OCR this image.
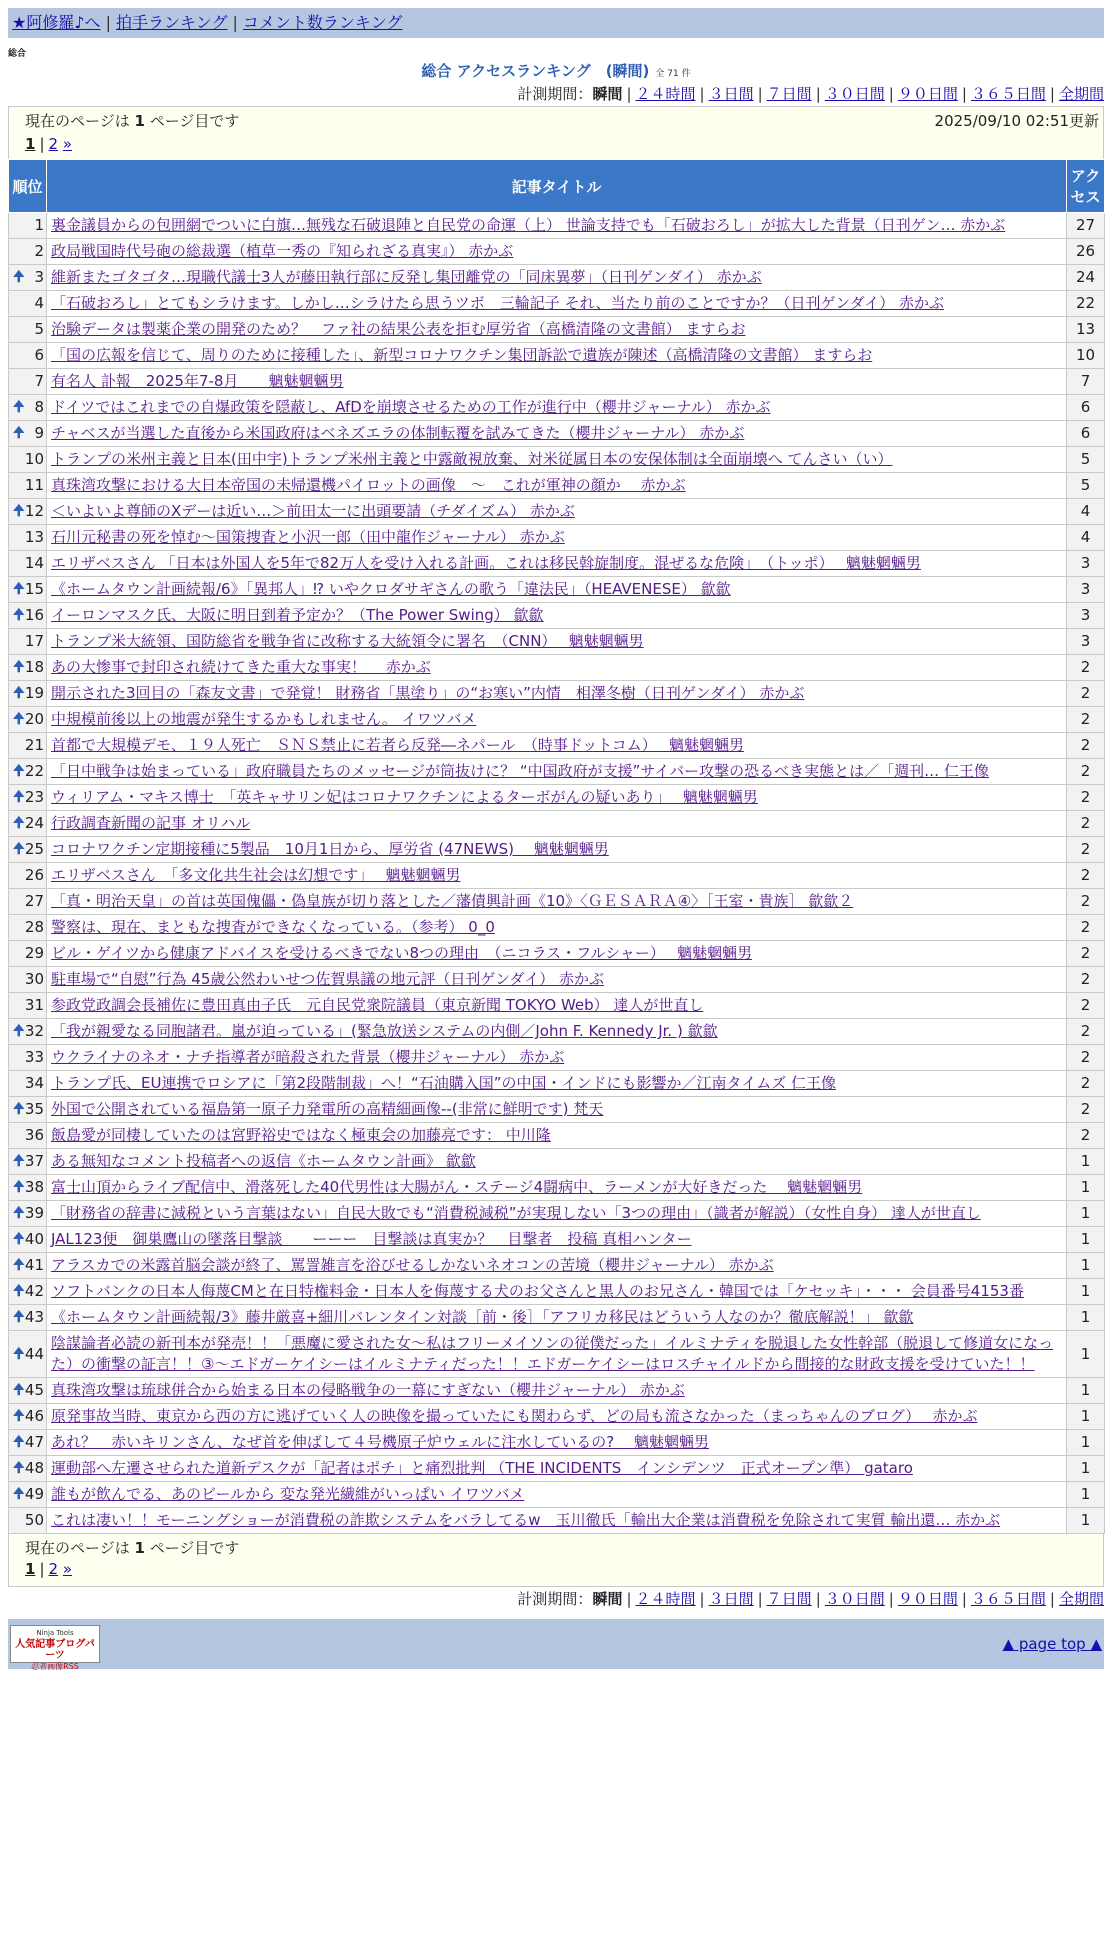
★阿修羅♪へ | 拍手ランキング | コメント数ランキング
総合
総合 アクセスランキング　(瞬間) 全 71 件
計測期間：瞬間 | ２４時間 | ３日間 | ７日間 | ３０日間 | ９０日間 | ３６５日間 | 全期間
現在のページは 1 ページ目です	2025/09/10 02:51更新
1 | 2 »
順位	記事タイトル	アクセス
1	裏金議員からの包囲網でついに白旗…無残な石破退陣と自民党の命運（上） 世論支持でも「石破おろし」が拡大した背景（日刊ゲン… 赤かぶ	27
2	政局戦国時代号砲の総裁選（植草一秀の『知られざる真実』） 赤かぶ	26

🠉 3	維新またゴタゴタ…現職代議士3人が藤田執行部に反発し集団離党の「同床異夢」（日刊ゲンダイ） 赤かぶ	24
4	「石破おろし」とてもシラけます。しかし…シラけたら思うツボ　三輪記子 それ、当たり前のことですか？（日刊ゲンダイ） 赤かぶ	22
5	治験データは製薬企業の開発のため？　ファ社の結果公表を拒む厚労省（高橋清隆の文書館） ますらお	13
6	「国の広報を信じて、周りのために接種した」、新型コロナワクチン集団訴訟で遺族が陳述（高橋清隆の文書館） ますらお	10
7	有名人 訃報　2025年7-8月　　魑魅魍魎男	7

🠉 8	ドイツではこれまでの自爆政策を隠蔽し、AfDを崩壊させるための工作が進行中（櫻井ジャーナル） 赤かぶ	6

🠉 9	チャベスが当選した直後から米国政府はベネズエラの体制転覆を試みてきた（櫻井ジャーナル） 赤かぶ	6
10	トランプの米州主義と日本(田中宇)トランプ米州主義と中露敵視放棄、対米従属日本の安保体制は全面崩壊へ てんさい（い）	5
11	真珠湾攻撃における大日本帝国の未帰還機パイロットの画像　～　これが軍神の顔か　 赤かぶ	5

🠉 12	＜いよいよ尊師のXデーは近い…＞前田太一に出頭要請（チダイズム） 赤かぶ	4
13	石川元秘書の死を悼む～国策捜査と小沢一郎（田中龍作ジャーナル） 赤かぶ	4
14	エリザベスさん 「日本は外国人を5年で82万人を受け入れる計画。これは移民斡旋制度。混ぜるな危険」　（トッポ）　 魑魅魍魎男	3

🠉 15	《ホームタウン計画続報/6》「異邦人」⁉ いやクロダサギさんの歌う「違法民」（HEAVENESE） 歙歙	3

🠉 16	イーロンマスク氏、大阪に明日到着予定か？（The Power Swing） 歙歙	3
17	トランプ米大統領、国防総省を戦争省に改称する大統領令に署名　（CNN）　 魑魅魍魎男	3

🠉 18	あの大惨事で封印され続けてきた重大な事実！　 赤かぶ	2

🠉 19	開示された3回目の「森友文書」で発覚！ 財務省「黒塗り」の“お寒い”内情　相澤冬樹（日刊ゲンダイ） 赤かぶ	2

🠉 20	中規模前後以上の地震が発生するかもしれません。 イワツバメ	2
21	首都で大規模デモ、１９人死亡　ＳＮＳ禁止に若者ら反発―ネパール　（時事ドットコム）　 魑魅魍魎男	2

🠉 22	「日中戦争は始まっている」政府職員たちのメッセージが筒抜けに？ “中国政府が支援”サイバー攻撃の恐るべき実態とは／「週刊… 仁王像	2

🠉 23	ウィリアム・マキス博士　「英キャサリン妃はコロナワクチンによるターボがんの疑いあり」　 魑魅魍魎男	2

🠉 24	行政調査新聞の記事 オリハル	2

🠉 25	コロナワクチン定期接種に5製品　10月1日から、厚労省 (47NEWS)　 魑魅魍魎男	2
26	エリザベスさん　「多文化共生社会は幻想です」　 魑魅魍魎男	2
27	「真・明治天皇」の首は英国傀儡・偽皇族が切り落とした／藩債興計画《10》〈ＧＥＳＡＲＡ④〉［王室・貴族］ 歙歙２	2
28	警察は、現在、まともな捜査ができなくなっている。（参考） 0_0	2
29	ビル・ゲイツから健康アドバイスを受けるべきでない8つの理由　（ニコラス・フルシャー）　 魑魅魍魎男	2
30	駐車場で“自慰”行為 45歳公然わいせつ佐賀県議の地元評（日刊ゲンダイ） 赤かぶ	2
31	参政党政調会長補佐に豊田真由子氏　元自民党衆院議員（東京新聞 TOKYO Web） 達人が世直し	2

🠉 32	「我が親愛なる同胞諸君。嵐が迫っている」(緊急放送システムの内側／John F. Kennedy Jr. ) 歙歙	2
33	ウクライナのネオ・ナチ指導者が暗殺された背景（櫻井ジャーナル） 赤かぶ	2
34	トランプ氏、EU連携でロシアに「第2段階制裁」へ！“石油購入国”の中国・インドにも影響か／江南タイムズ 仁王像	2

🠉 35	外国で公開されている福島第一原子力発電所の高精細画像--(非常に鮮明です) 梵天	2
36	飯島愛が同棲していたのは宮野裕史ではなく極東会の加藤亮です： 中川隆	2

🠉 37	ある無知なコメント投稿者への返信《ホームタウン計画》 歙歙	1

🠉 38	富士山頂からライブ配信中、滑落死した40代男性は大腸がん・ステージ4闘病中、ラーメンが大好きだった　 魑魅魍魎男	1

🠉 39	「財務省の辞書に減税という言葉はない」自民大敗でも“消費税減税”が実現しない「3つの理由」（識者が解説）（女性自身） 達人が世直し	1

🠉 40	JAL123便　御巣鷹山の墜落目撃談　　ーーー　目撃談は真実か？　目撃者　投稿 真相ハンター	1

🠉 41	アラスカでの米露首脳会談が終了、罵詈雑言を浴びせるしかないネオコンの苦境（櫻井ジャーナル） 赤かぶ	1

🠉 42	ソフトバンクの日本人侮蔑CMと在日特権料金・日本人を侮蔑する犬のお父さんと黒人のお兄さん・韓国では「ケセッキ」・・・ 会員番号4153番	1

🠉 43	《ホームタウン計画続報/3》藤井厳喜+細川バレンタイン対談［前・後］「アフリカ移民はどういう人なのか？徹底解説！」 歙歙	1

🠉 44	陰謀論者必読の新刊本が発売！！「悪魔に愛された女～私はフリーメイソンの従僕だった」イルミナティを脱退した女性幹部（脱退して修道女になった）の衝撃の証言！！③～エドガーケイシーはイルミナティだった！！エドガーケイシーはロスチャイルドから間接的な財政支援を受けていた！！	1

🠉 45	真珠湾攻撃は琉球併合から始まる日本の侵略戦争の一幕にすぎない（櫻井ジャーナル） 赤かぶ	1

🠉 46	原発事故当時、東京から西の方に逃げていく人の映像を撮っていたにも関わらず、どの局も流さなかった（まっちゃんのブログ）　 赤かぶ	1

🠉 47	あれ？　赤いキリンさん、なぜ首を伸ばして４号機原子炉ウェルに注水しているの?　 魑魅魍魎男	1

🠉 48	運動部へ左遷させられた道新デスクが「記者はポチ」と痛烈批判 （THE INCIDENTS　インシデンツ　正式オープン準） gataro	1

🠉 49	誰もが飲んでる、あのビールから 変な発光繊維がいっぱい イワツバメ	1
50	これは凄い！！モーニングショーが消費税の詐欺システムをバラしてるw　玉川徹氏「輸出大企業は消費税を免除されて実質 輸出還… 赤かぶ	1
現在のページは 1 ページ目です
1 | 2 »
計測期間：瞬間 | ２４時間 | ３日間 | ７日間 | ３０日間 | ９０日間 | ３６５日間 | 全期間
Ninja Tools
人気記事ブログパーツ
忍者画像RSS
▲ page top ▲
